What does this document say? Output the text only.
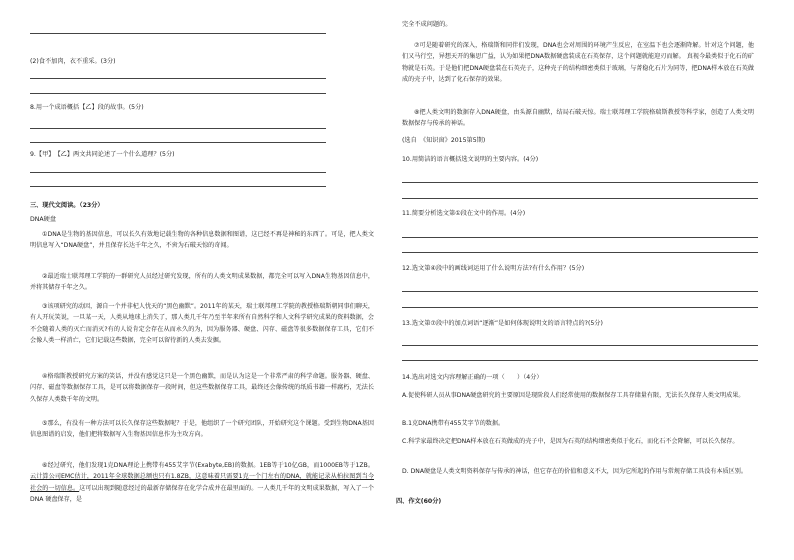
(2)食不加肉，衣不重采。(3分)
8.用一个成语概括【乙】段的故事。(5分)
9.【甲】　【乙】两文共同论述了一个什么道理？(5分)
三、现代文阅读。（23分）
DNA硬盘
①DNA是生物的基因信息，可以长久有效地记载生物的各种信息数据和图谱，这已经不再是神秘的东西了。可是，把人类文明信息写入“DNA硬盘”，并且保存长达千年之久，不啻为石破天惊的奇闻。
②最近瑞士联邦理工学院的一群研究人员经过研究发现，所有的人类文明成果数据，都完全可以写入DNA生物基因信息中，并将其储存千年之久。
③该项研究的动因，源自一个并非杞人忧天的“黑色幽默”。2011年的某天，瑞士联邦理工学院的教授格瑞斯朝同事们聊天，有人开玩笑说，一旦某一天，人类从地球上消失了，那人类几千年乃至半年来所有自然科学和人文科学研究成果的资料数据，会不会随着人类的灭亡而消灭?有的人说肯定会存在从而永久的为，因为服务器、硬盘、闪存、磁盘等很多数据保存工具，它们不会像人类一样消亡，它们记载这些数据，完全可以留待新的人类去发掘。
④格瑞斯教授研究方案的笑话，并没有感觉这只是一个黑色幽默，而是认为这是一个非常严肃的科学命题。服务器、硬盘、闪存、磁盘等数据保存工具，是可以将数据保存一段时间，但这些数据保存工具，最终还会像传统的纸质书籍一样腐朽，无法长久保存人类数千年的文明。
⑤那么，有没有一种方法可以长久保存这些数据呢？于是，他组织了一个研究团队，开始研究这个课题。受到生物DNA基因信息图谱的启发，他们把将数据写入生物基因信息作为主攻方向。
⑥经过研究，他们发现1克DNA理论上携带有455艾字节(Exabyte,EB)的数据。1EB等于10亿GB，而1000EB等于1ZB。云计算公司EMC估计，2011年全球数据总额也只有1.8ZB，这意味着只需要1克一个门左右的DNA，就能记录从柏拉图到当今社会的一切信息。这可以出现到随意经过的最新存储保存在化学合成并在最里面的。一人类几千年的文明成果数据，写入了一个DNA 硬盘保存，是
完全不成问题的。
⑦可是随着研究的深入，格瑞斯和同伴们发现，DNA也会对周围的环境产生反应，在室温下也会逐渐降解。针对这个问题，他们又马行空，异想天开的集思广益，认为如果把DNA数据硬盘装成在石英保存，这个问题就能迎刃而解。 真视今最类似于化石的矿物就是石英。于是他们把DNA硬盘装在石英壳子，这种壳子的结构细密类似于玻璃，与菁稳化石片为同等，把DNA样本放在石英做成的壳子中，达到了化石保存的效果。
⑧把人类文明的数据存入DNA硬盘，由头源自幽默，结局石破天惊。瑞士联邦理工学院格瑞斯教授等科学家，创造了人类文明数据保存与传承的神话。
(选自　《知识窗》2015第5期)
10.用简洁的语言概括选文说明的主要内容。(4分)
11.简要分析选文第①段在文中的作用。(4分)
12.选文第④段中的画线词运用了什么说明方法?有什么作用？(5分)
13.选文第⑦段中的加点词语“逐渐”是如何体现说明文的语言特点的?(5分)
14.选出对选文内容理解正确的一项（　　）（4分）
A.促使科研人员从事DNA硬盘研究的主要原因是现阶段人们经常使用的数据保存工具存储量有限，无法长久保存人类文明成果。
B.1克DNA携带有455艾字节的数据。
C.科学家最终决定把DNA样本放在石英做成的壳子中，是因为石英的结构细密类似于化石，而化石不会降解，可以长久保存。
D. DNA硬盘是人类文明资料保存与传承的神话，但它存在的价值和意义不大，因为它所起的作用与常规存储工具没有本质区别。
四、作文(60分)
